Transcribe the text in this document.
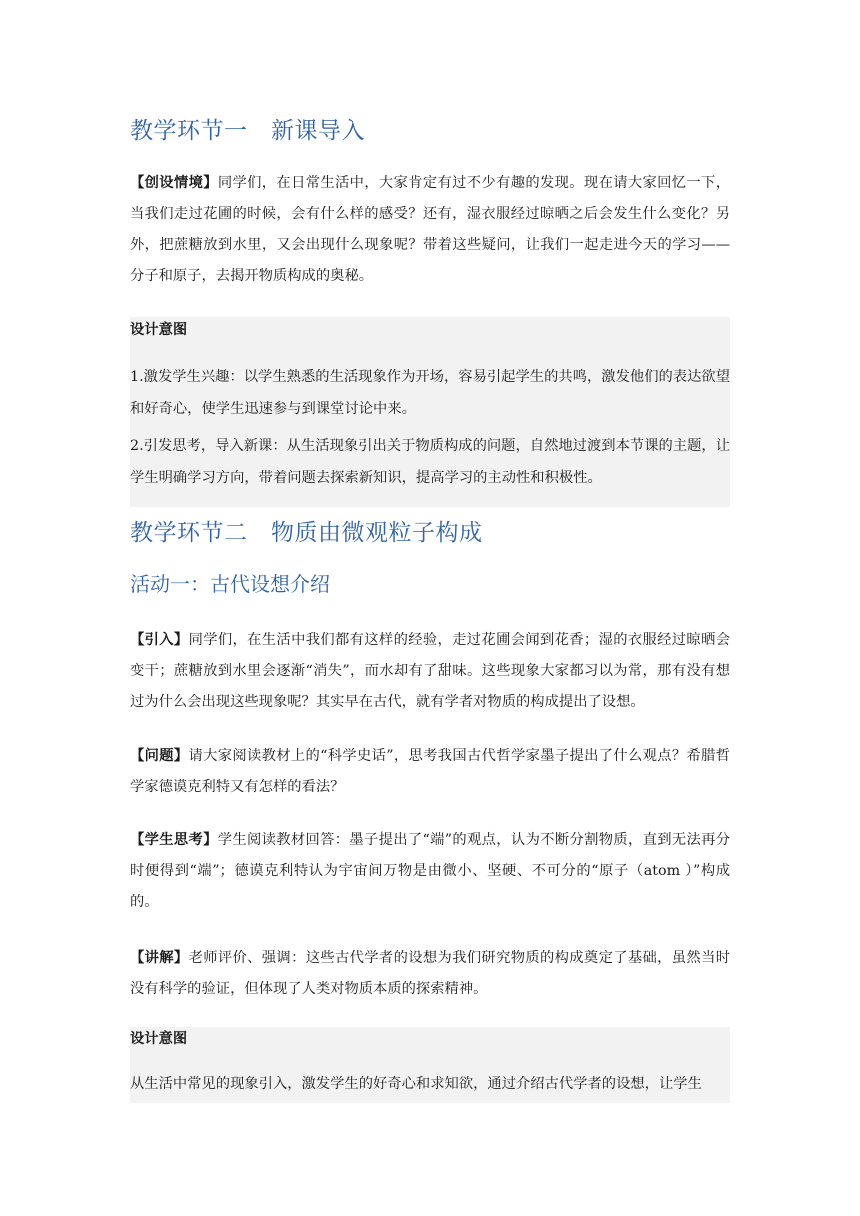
教学环节一　新课导入
【创设情境】同学们，在日常生活中，大家肯定有过不少有趣的发现。现在请大家回忆一下，当我们走过花圃的时候，会有什么样的感受？还有，湿衣服经过晾晒之后会发生什么变化？另外，把蔗糖放到水里，又会出现什么现象呢？带着这些疑问，让我们一起走进今天的学习——分子和原子，去揭开物质构成的奥秘。
设计意图
1.激发学生兴趣：以学生熟悉的生活现象作为开场，容易引起学生的共鸣，激发他们的表达欲望和好奇心，使学生迅速参与到课堂讨论中来。
2.引发思考，导入新课：从生活现象引出关于物质构成的问题，自然地过渡到本节课的主题，让学生明确学习方向，带着问题去探索新知识，提高学习的主动性和积极性。
教学环节二　物质由微观粒子构成
活动一：古代设想介绍
【引入】同学们，在生活中我们都有这样的经验，走过花圃会闻到花香；湿的衣服经过晾晒会变干；蔗糖放到水里会逐渐“消失”，而水却有了甜味。这些现象大家都习以为常，那有没有想过为什么会出现这些现象呢？其实早在古代，就有学者对物质的构成提出了设想。
【问题】请大家阅读教材上的“科学史话”，思考我国古代哲学家墨子提出了什么观点？希腊哲学家德谟克利特又有怎样的看法？
【学生思考】学生阅读教材回答：墨子提出了“端”的观点，认为不断分割物质，直到无法再分时便得到“端”；德谟克利特认为宇宙间万物是由微小、坚硬、不可分的“原子（atom ）”构成的。
【讲解】老师评价、强调：这些古代学者的设想为我们研究物质的构成奠定了基础，虽然当时没有科学的验证，但体现了人类对物质本质的探索精神。
设计意图
从生活中常见的现象引入，激发学生的好奇心和求知欲，通过介绍古代学者的设想，让学生
